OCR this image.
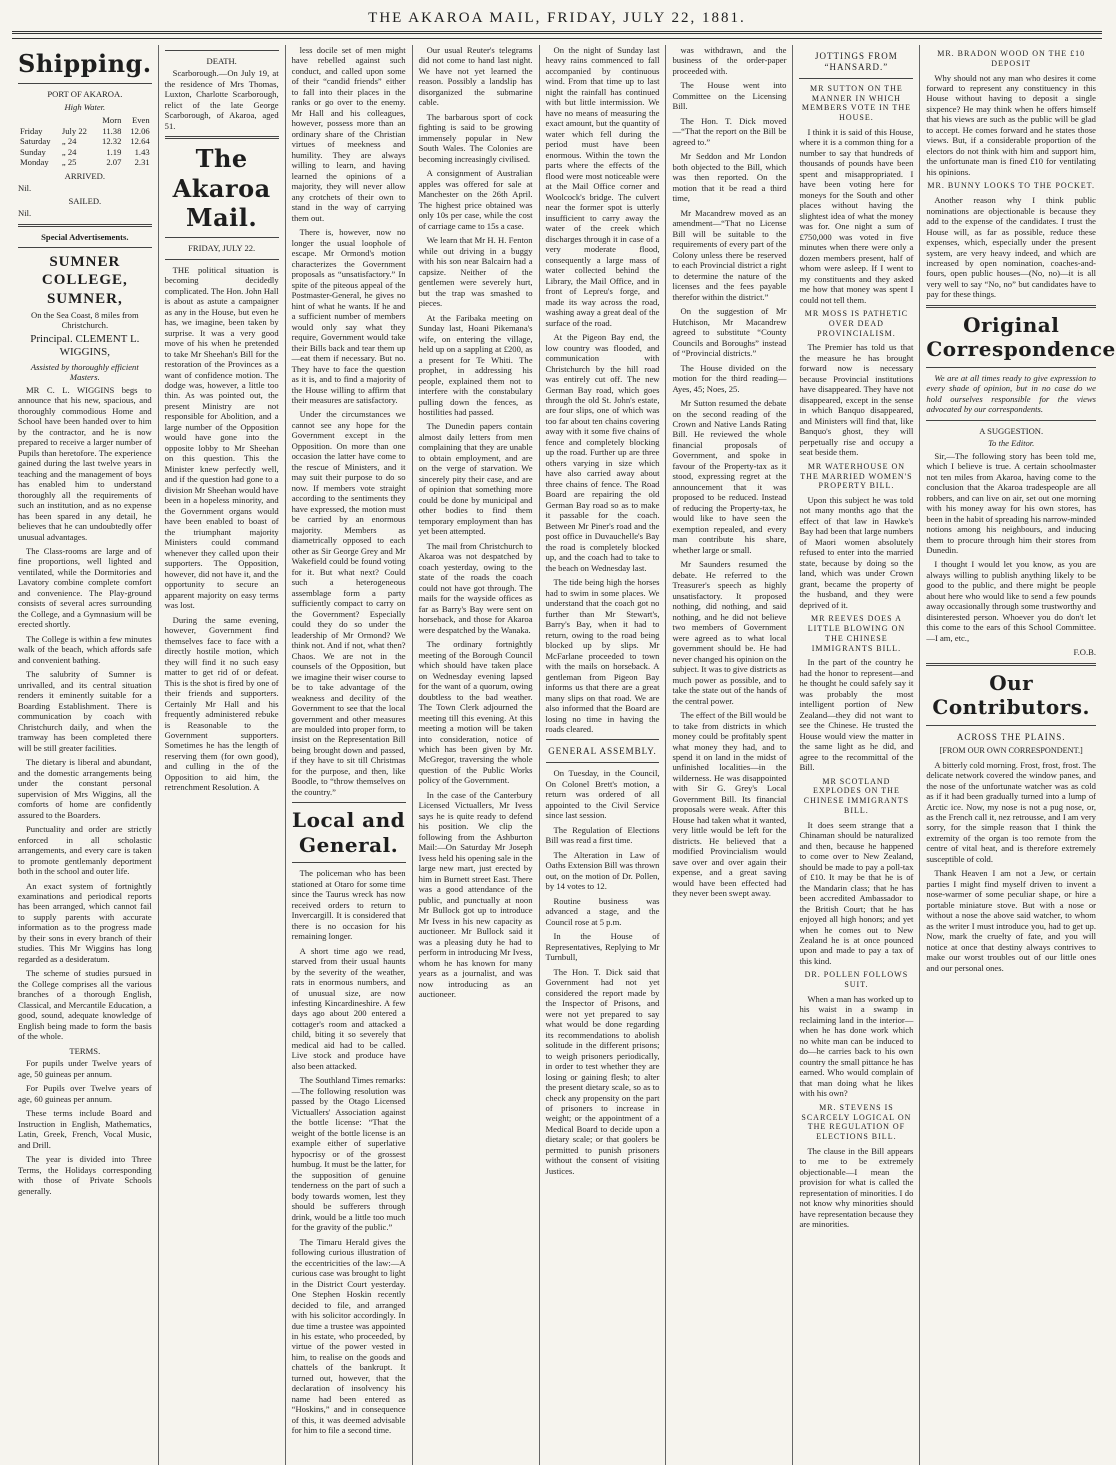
THE AKAROA MAIL, FRIDAY, JULY 22, 1881.
Shipping.
PORT OF AKAROA.
High Water.
		Morn	Even
Friday	July 22	11.38	12.06
Saturday	„ 24	12.32	12.64
Sunday	„ 24	1.19	1.43
Monday	„ 25	2.07	2.31
ARRIVED.
Nil.
SAILED.
Nil.
Special Advertisements.
SUMNER COLLEGE, SUMNER,
On the Sea Coast, 8 miles from Christchurch.
Principal. CLEMENT L. WIGGINS,
Assisted by thoroughly efficient Masters.

MR C. L. WIGGINS begs to announce that his new, spacious, and thoroughly commodious Home and School have been handed over to him by the contractor, and he is now prepared to receive a larger number of Pupils than heretofore. The experience gained during the last twelve years in teaching and the management of boys has enabled him to understand thoroughly all the requirements of such an institution, and as no expense has been spared in any detail, he believes that he can undoubtedly offer unusual advantages.

The Class-rooms are large and of fine proportions, well lighted and ventilated, while the Dormitories and Lavatory combine complete comfort and convenience. The Play-ground consists of several acres surrounding the College, and a Gymnasium will be erected shortly.

The College is within a few minutes walk of the beach, which affords safe and convenient bathing.

The salubrity of Sumner is unrivalled, and its central situation renders it eminently suitable for a Boarding Establishment. There is communication by coach with Christchurch daily, and when the tramway has been completed there will be still greater facilities.

The dietary is liberal and abundant, and the domestic arrangements being under the constant personal supervision of Mrs Wiggins, all the comforts of home are confidently assured to the Boarders.

Punctuality and order are strictly enforced in all scholastic arrangements, and every care is taken to promote gentlemanly deportment both in the school and outer life.

An exact system of fortnightly examinations and periodical reports has been arranged, which cannot fail to supply parents with accurate information as to the progress made by their sons in every branch of their studies. This Mr Wiggins has long regarded as a desideratum.

The scheme of studies pursued in the College comprises all the various branches of a thorough English, Classical, and Mercantile Education, a good, sound, adequate knowledge of English being made to form the basis of the whole.

TERMS.

For pupils under Twelve years of age, 50 guineas per annum.

For Pupils over Twelve years of age, 60 guineas per annum.

These terms include Board and Instruction in English, Mathematics, Latin, Greek, French, Vocal Music, and Drill.

The year is divided into Three Terms, the Holidays corresponding with those of Private Schools generally.

DEATH.

Scarborough.—On July 19, at the residence of Mrs Thomas, Luxton, Charlotte Scarborough, relict of the late George Scarborough, of Akaroa, aged 51.

The Akaroa Mail.
FRIDAY, JULY 22.

THE political situation is becoming decidedly complicated. The Hon. John Hall is about as astute a campaigner as any in the House, but even he has, we imagine, been taken by surprise. It was a very good move of his when he pretended to take Mr Sheehan's Bill for the restoration of the Provinces as a want of confidence motion. The dodge was, however, a little too thin. As was pointed out, the present Ministry are not responsible for Abolition, and a large number of the Opposition would have gone into the opposite lobby to Mr Sheehan on this question. This the Minister knew perfectly well, and if the question had gone to a division Mr Sheehan would have been in a hopeless minority, and the Government organs would have been enabled to boast of the triumphant majority Ministers could command whenever they called upon their supporters. The Opposition, however, did not have it, and the opportunity to secure an apparent majority on easy terms was lost.

During the same evening, however, Government find themselves face to face with a directly hostile motion, which they will find it no such easy matter to get rid of or defeat. This is the shot is fired by one of their friends and supporters. Certainly Mr Hall and his frequently administered rebuke is Reasonable to the Government supporters. Sometimes he has the length of reserving them (for own good), and culling in the of the Opposition to aid him, the retrenchment Resolution. A

less docile set of men might have rebelled against such conduct, and called upon some of their “candid friends” either to fall into their places in the ranks or go over to the enemy. Mr Hall and his colleagues, however, possess more than an ordinary share of the Christian virtues of meekness and humility. They are always willing to learn, and having learned the opinions of a majority, they will never allow any crotchets of their own to stand in the way of carrying them out.

There is, however, now no longer the usual loophole of escape. Mr Ormond's motion characterizes the Government proposals as “unsatisfactory.” In spite of the piteous appeal of the Postmaster-General, he gives no hint of what he wants. If he and a sufficient number of members would only say what they require, Government would take their Bills back and tear them up—eat them if necessary. But no. They have to face the question as it is, and to find a majority of the House willing to affirm that their measures are satisfactory.

Under the circumstances we cannot see any hope for the Government except in the Opposition. On more than one occasion the latter have come to the rescue of Ministers, and it may suit their purpose to do so now. If members vote straight according to the sentiments they have expressed, the motion must be carried by an enormous majority. Members as diametrically opposed to each other as Sir George Grey and Mr Wakefield could be found voting for it. But what next? Could such a heterogeneous assemblage form a party sufficiently compact to carry on the Government? Especially could they do so under the leadership of Mr Ormond? We think not. And if not, what then? Chaos. We are not in the counsels of the Opposition, but we imagine their wiser course to be to take advantage of the weakness and decility of the Government to see that the local government and other measures are moulded into proper form, to insist on the Representation Bill being brought down and passed, if they have to sit till Christmas for the purpose, and then, like Boodle, to “throw themselves on the country.”

Local and General.

The policeman who has been stationed at Otaro for some time since the Taurus wreck has now received orders to return to Invercargill. It is considered that there is no occasion for his remaining longer.

A short time ago we read, starved from their usual haunts by the severity of the weather, rats in enormous numbers, and of unusual size, are now infesting Kincardineshire. A few days ago about 200 entered a cottager's room and attacked a child, biting it so severely that medical aid had to be called. Live stock and produce have also been attacked.

The Southland Times remarks:—The following resolution was passed by the Otago Licensed Victuallers' Association against the bottle license: “That the weight of the bottle license is an example either of superlative hypocrisy or of the grossest humbug. It must be the latter, for the supposition of genuine tenderness on the part of such a body towards women, lest they should be sufferers through drink, would be a little too much for the gravity of the public.”

The Timaru Herald gives the following curious illustration of the eccentricities of the law:—A curious case was brought to light in the District Court yesterday. One Stephen Hoskin recently decided to file, and arranged with his solicitor accordingly. In due time a trustee was appointed in his estate, who proceeded, by virtue of the power vested in him, to realise on the goods and chattels of the bankrupt. It turned out, however, that the declaration of insolvency his name had been entered as “Hoskins,” and in consequence of this, it was deemed advisable for him to file a second time.

Our usual Reuter's telegrams did not come to hand last night. We have not yet learned the reason. Possibly a landslip has disorganized the submarine cable.

The barbarous sport of cock fighting is said to be growing immensely popular in New South Wales. The Colonies are becoming increasingly civilised.

A consignment of Australian apples was offered for sale at Manchester on the 26th April. The highest price obtained was only 10s per case, while the cost of carriage came to 15s a case.

We learn that Mr H. H. Fenton while out driving in a buggy with his son near Balcairn had a capsize. Neither of the gentlemen were severely hurt, but the trap was smashed to pieces.

At the Faribaka meeting on Sunday last, Hoani Pikemana's wife, on entering the village, held up on a sappling at £200, as a present for Te Whiti. The prophet, in addressing his people, explained them not to interfere with the constabulary pulling down the fences, as hostilities had passed.

The Dunedin papers contain almost daily letters from men complaining that they are unable to obtain employment, and are on the verge of starvation. We sincerely pity their case, and are of opinion that something more could be done by municipal and other bodies to find them temporary employment than has yet been attempted.

The mail from Christchurch to Akaroa was not despatched by coach yesterday, owing to the state of the roads the coach could not have got through. The mails for the wayside offices as far as Barry's Bay were sent on horseback, and those for Akaroa were despatched by the Wanaka.

The ordinary fortnightly meeting of the Borough Council which should have taken place on Wednesday evening lapsed for the want of a quorum, owing doubtless to the bad weather. The Town Clerk adjourned the meeting till this evening. At this meeting a motion will be taken into consideration, notice of which has been given by Mr. McGregor, traversing the whole question of the Public Works policy of the Government.

In the case of the Canterbury Licensed Victuallers, Mr Ivess says he is quite ready to defend his position. We clip the following from the Ashburton Mail:—On Saturday Mr Joseph Ivess held his opening sale in the large new mart, just erected by him in Burnett street East. There was a good attendance of the public, and punctually at noon Mr Bullock got up to introduce Mr Ivess in his new capacity as auctioneer. Mr Bullock said it was a pleasing duty he had to perform in introducing Mr Ivess, whom he has known for many years as a journalist, and was now introducing as an auctioneer.

On the night of Sunday last heavy rains commenced to fall accompanied by continuous wind. From that time up to last night the rainfall has continued with but little intermission. We have no means of measuring the exact amount, but the quantity of water which fell during the period must have been enormous. Within the town the parts where the effects of the flood were most noticeable were at the Mail Office corner and Woolcock's bridge. The culvert near the former spot is utterly insufficient to carry away the water of the creek which discharges through it in case of a very moderate flood, consequently a large mass of water collected behind the Library, the Mail Office, and in front of Lepreu's forge, and made its way across the road, washing away a great deal of the surface of the road.

At the Pigeon Bay end, the low country was flooded, and communication with Christchurch by the hill road was entirely cut off. The new German Bay road, which goes through the old St. John's estate, are four slips, one of which was too far about ten chains covering away with it some five chains of fence and completely blocking up the road. Further up are three others varying in size which have also carried away about three chains of fence. The Road Board are repairing the old German Bay road so as to make it passable for the coach. Between Mr Piner's road and the post office in Duvauchelle's Bay the road is completely blocked up, and the coach had to take to the beach on Wednesday last.

The tide being high the horses had to swim in some places. We understand that the coach got no further than Mr Stewart's, Barry's Bay, when it had to return, owing to the road being blocked up by slips. Mr McFarlane proceeded to town with the mails on horseback. A gentleman from Pigeon Bay informs us that there are a great many slips on that road. We are also informed that the Board are losing no time in having the roads cleared.

GENERAL ASSEMBLY.

On Tuesday, in the Council, On Colonel Brett's motion, a return was ordered of all appointed to the Civil Service since last session.

The Regulation of Elections Bill was read a first time.

The Alteration in Law of Oaths Extension Bill was thrown out, on the motion of Dr. Pollen, by 14 votes to 12.

Routine business was advanced a stage, and the Council rose at 5 p.m.

In the House of Representatives, Replying to Mr Turnbull,

The Hon. T. Dick said that Government had not yet considered the report made by the Inspector of Prisons, and were not yet prepared to say what would be done regarding its recommendations to abolish solitude in the different prisons; to weigh prisoners periodically, in order to test whether they are losing or gaining flesh; to alter the present dietary scale, so as to check any propensity on the part of prisoners to increase in weight; or the appointment of a Medical Board to decide upon a dietary scale; or that goolers be permitted to punish prisoners without the consent of visiting Justices.

was withdrawn, and the business of the order-paper proceeded with.

The House went into Committee on the Licensing Bill.

The Hon. T. Dick moved—“That the report on the Bill be agreed to.”

Mr Seddon and Mr London both objected to the Bill, which was then reported. On the motion that it be read a third time,

Mr Macandrew moved as an amendment—“That no License Bill will be suitable to the requirements of every part of the Colony unless there be reserved to each Provincial district a right to determine the nature of the licenses and the fees payable therefor within the district.”

On the suggestion of Mr Hutchison, Mr Macandrew agreed to substitute “County Councils and Boroughs” instead of “Provincial districts.”

The House divided on the motion for the third reading—Ayes, 45; Noes, 25.

Mr Sutton resumed the debate on the second reading of the Crown and Native Lands Rating Bill. He reviewed the whole financial proposals of Government, and spoke in favour of the Property-tax as it stood, expressing regret at the announcement that it was proposed to be reduced. Instead of reducing the Property-tax, he would like to have seen the exemption repealed, and every man contribute his share, whether large or small.

Mr Saunders resumed the debate. He referred to the Treasurer's speech as highly unsatisfactory. It proposed nothing, did nothing, and said nothing, and he did not believe two members of Government were agreed as to what local government should be. He had never changed his opinion on the subject. It was to give districts as much power as possible, and to take the state out of the hands of the central power.

The effect of the Bill would be to take from districts in which money could be profitably spent what money they had, and to spend it on land in the midst of unfinished localities—in the wilderness. He was disappointed with Sir G. Grey's Local Government Bill. Its financial proposals were weak. After this House had taken what it wanted, very little would be left for the districts. He believed that a modified Provincialism would save over and over again their expense, and a great saving would have been effected had they never been swept away.

JOTTINGS FROM “HANSARD.”
MR SUTTON ON THE MANNER IN WHICH MEMBERS VOTE IN THE HOUSE.

I think it is said of this House, where it is a common thing for a number to say that hundreds of thousands of pounds have been spent and misappropriated. I have been voting here for moneys for the South and other places without having the slightest idea of what the money was for. One night a sum of £750,000 was voted in five minutes when there were only a dozen members present, half of whom were asleep. If I went to my constituents and they asked me how that money was spent I could not tell them.

MR MOSS IS PATHETIC OVER DEAD PROVINCIALISM.

The Premier has told us that the measure he has brought forward now is necessary because Provincial institutions have disappeared. They have not disappeared, except in the sense in which Banquo disappeared, and Ministers will find that, like Banquo's ghost, they will perpetually rise and occupy a seat beside them.

MR WATERHOUSE ON THE MARRIED WOMEN'S PROPERTY BILL.

Upon this subject he was told not many months ago that the effect of that law in Hawke's Bay had been that large numbers of Maori women absolutely refused to enter into the married state, because by doing so the land, which was under Crown grant, became the property of the husband, and they were deprived of it.

MR REEVES DOES A LITTLE BLOWING ON THE CHINESE IMMIGRANTS BILL.

In the part of the country he had the honor to represent—and he thought he could safely say it was probably the most intelligent portion of New Zealand—they did not want to see the Chinese. He trusted the House would view the matter in the same light as he did, and agree to the recommittal of the Bill.

MR SCOTLAND EXPLODES ON THE CHINESE IMMIGRANTS BILL.

It does seem strange that a Chinaman should be naturalized and then, because he happened to come over to New Zealand, should be made to pay a poll-tax of £10. It may be that he is of the Mandarin class; that he has been accredited Ambassador to the British Court; that he has enjoyed all high honors; and yet when he comes out to New Zealand he is at once pounced upon and made to pay a tax of this kind.

DR. POLLEN FOLLOWS SUIT.

When a man has worked up to his waist in a swamp in reclaiming land in the interior—when he has done work which no white man can be induced to do—he carries back to his own country the small pittance he has earned. Who would complain of that man doing what he likes with his own?

MR. STEVENS IS SCARCELY LOGICAL ON THE REGULATION OF ELECTIONS BILL.

The clause in the Bill appears to me to be extremely objectionable—I mean the provision for what is called the representation of minorities. I do not know why minorities should have representation because they are minorities.

MR. BRADON WOOD ON THE £10 DEPOSIT

Why should not any man who desires it come forward to represent any constituency in this House without having to deposit a single sixpence? He may think when he offers himself that his views are such as the public will be glad to accept. He comes forward and he states those views. But, if a considerable proportion of the electors do not think with him and support him, the unfortunate man is fined £10 for ventilating his opinions.

MR. BUNNY LOOKS TO THE POCKET.

Another reason why I think public nominations are objectionable is because they add to the expense of the candidates. I trust the House will, as far as possible, reduce these expenses, which, especially under the present system, are very heavy indeed, and which are increased by open nomination, coaches-and-fours, open public houses—(No, no)—it is all very well to say “No, no” but candidates have to pay for these things.

Original Correspondence

We are at all times ready to give expression to every shade of opinion, but in no case do we hold ourselves responsible for the views advocated by our correspondents.

A SUGGESTION.
To the Editor.

Sir,—The following story has been told me, which I believe is true. A certain schoolmaster not ten miles from Akaroa, having come to the conclusion that the Akaroa tradespeople are all robbers, and can live on air, set out one morning with his money away for his own stores, has been in the habit of spreading his narrow-minded notions among his neighbours, and inducing them to procure through him their stores from Dunedin.

I thought I would let you know, as you are always willing to publish anything likely to be good to the public, and there might be people about here who would like to send a few pounds away occasionally through some trustworthy and disinterested person. Whoever you do don't let this come to the ears of this School Committee.—I am, etc.,

F.O.B.
Our Contributors.
ACROSS THE PLAINS.
[FROM OUR OWN CORRESPONDENT.]

A bitterly cold morning. Frost, frost, frost. The delicate network covered the window panes, and the nose of the unfortunate watcher was as cold as if it had been gradually turned into a lump of Arctic ice. Now, my nose is not a pug nose, or, as the French call it, nez retrousse, and I am very sorry, for the simple reason that I think the extremity of the organ is too remote from the centre of vital heat, and is therefore extremely susceptible of cold.

Thank Heaven I am not a Jew, or certain parties I might find myself driven to invent a nose-warmer of some peculiar shape, or hire a portable miniature stove. But with a nose or without a nose the above said watcher, to whom as the writer I must introduce you, had to get up. Now, mark the cruelty of fate, and you will notice at once that destiny always contrives to make our worst troubles out of our little ones and our personal ones.
